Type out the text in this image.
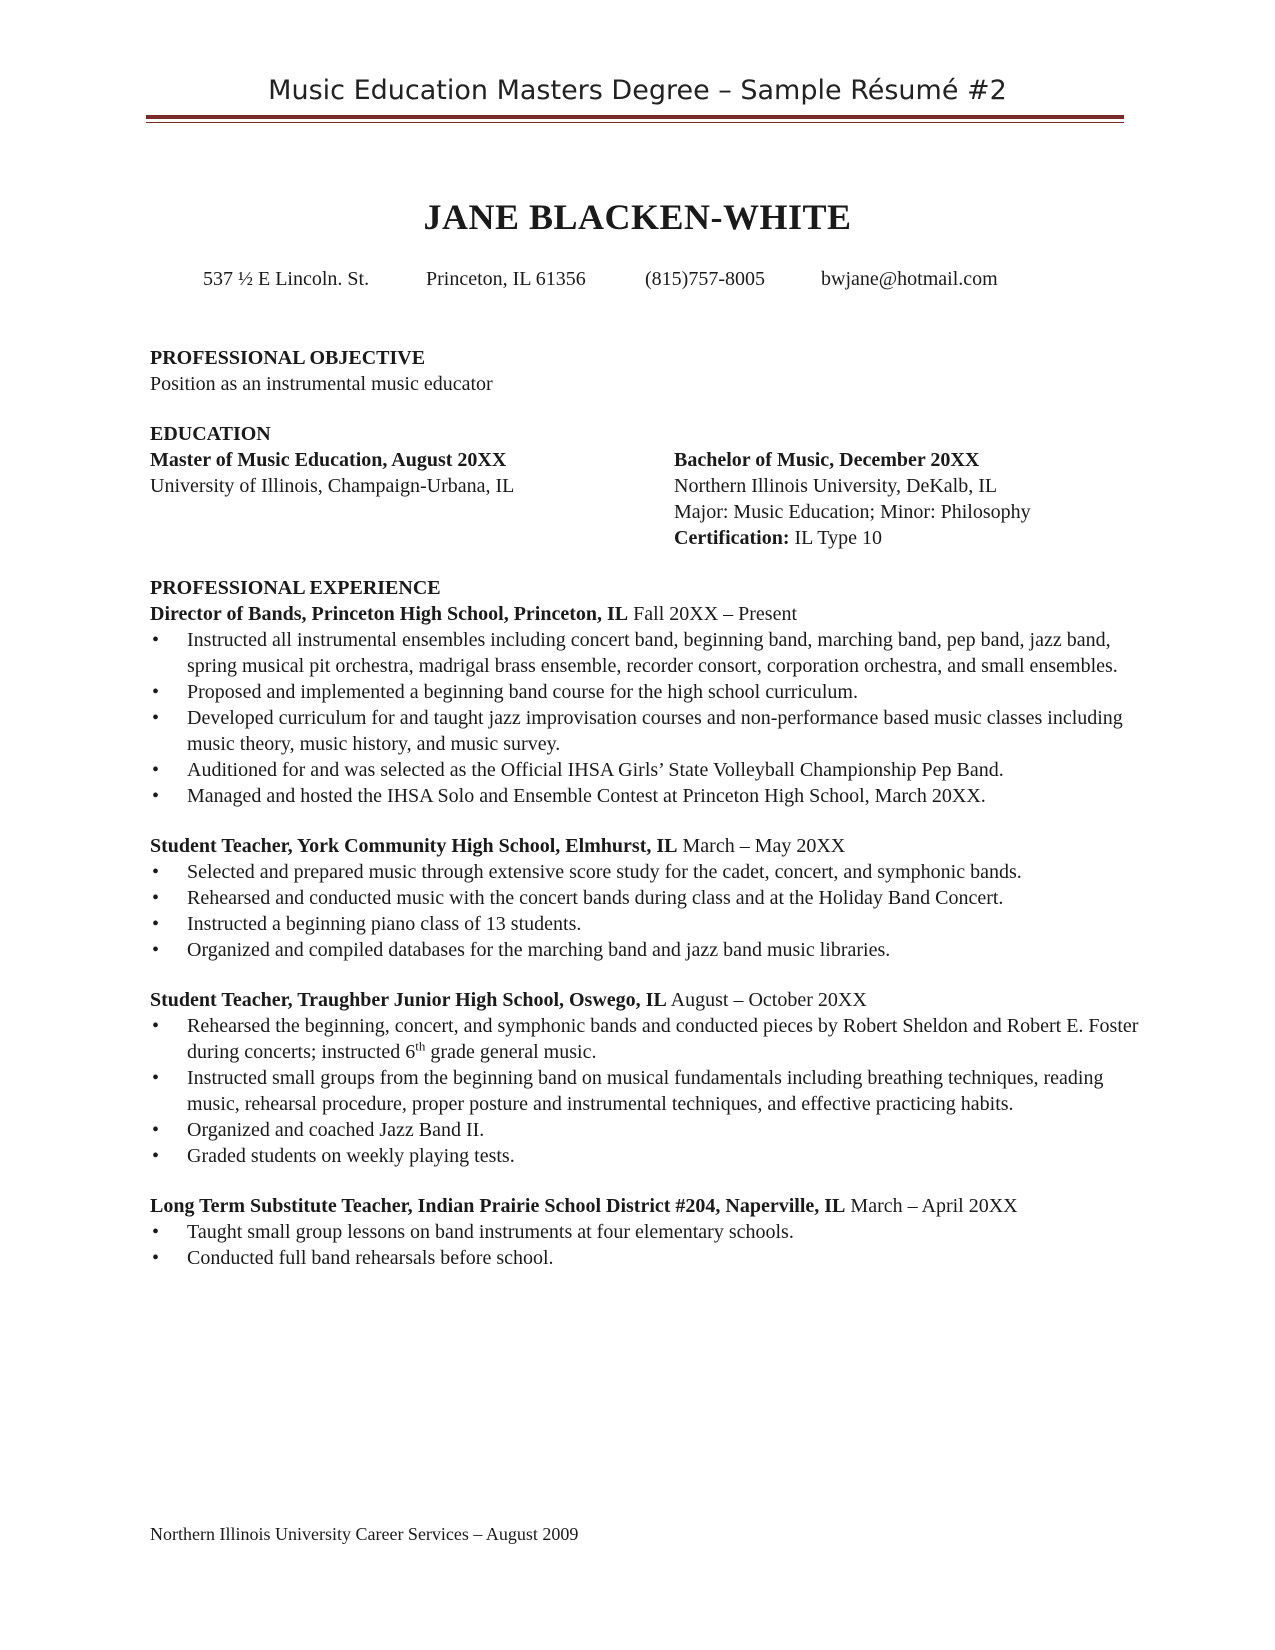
Music Education Masters Degree – Sample Résumé #2
JANE BLACKEN-WHITE
537 ½ E Lincoln. St.	Princeton, IL 61356	(815)757-8005	bwjane@hotmail.com
PROFESSIONAL OBJECTIVE
Position as an instrumental music educator
EDUCATION
Master of Music Education, August 20XX
University of Illinois, Champaign-Urbana, IL
Bachelor of Music, December 20XX
Northern Illinois University, DeKalb, IL
Major: Music Education; Minor: Philosophy
Certification: IL Type 10
PROFESSIONAL EXPERIENCE
Director of Bands, Princeton High School, Princeton, IL Fall 20XX – Present
• Instructed all instrumental ensembles including concert band, beginning band, marching band, pep band, jazz band, spring musical pit orchestra, madrigal brass ensemble, recorder consort, corporation orchestra, and small ensembles.
• Proposed and implemented a beginning band course for the high school curriculum.
• Developed curriculum for and taught jazz improvisation courses and non-performance based music classes including music theory, music history, and music survey.
• Auditioned for and was selected as the Official IHSA Girls’ State Volleyball Championship Pep Band.
• Managed and hosted the IHSA Solo and Ensemble Contest at Princeton High School, March 20XX.
Student Teacher, York Community High School, Elmhurst, IL March – May 20XX
• Selected and prepared music through extensive score study for the cadet, concert, and symphonic bands.
• Rehearsed and conducted music with the concert bands during class and at the Holiday Band Concert.
• Instructed a beginning piano class of 13 students.
• Organized and compiled databases for the marching band and jazz band music libraries.
Student Teacher, Traughber Junior High School, Oswego, IL August – October 20XX
• Rehearsed the beginning, concert, and symphonic bands and conducted pieces by Robert Sheldon and Robert E. Foster during concerts; instructed 6th grade general music.
• Instructed small groups from the beginning band on musical fundamentals including breathing techniques, reading music, rehearsal procedure, proper posture and instrumental techniques, and effective practicing habits.
• Organized and coached Jazz Band II.
• Graded students on weekly playing tests.
Long Term Substitute Teacher, Indian Prairie School District #204, Naperville, IL March – April 20XX
• Taught small group lessons on band instruments at four elementary schools.
• Conducted full band rehearsals before school.
Northern Illinois University Career Services – August 2009
